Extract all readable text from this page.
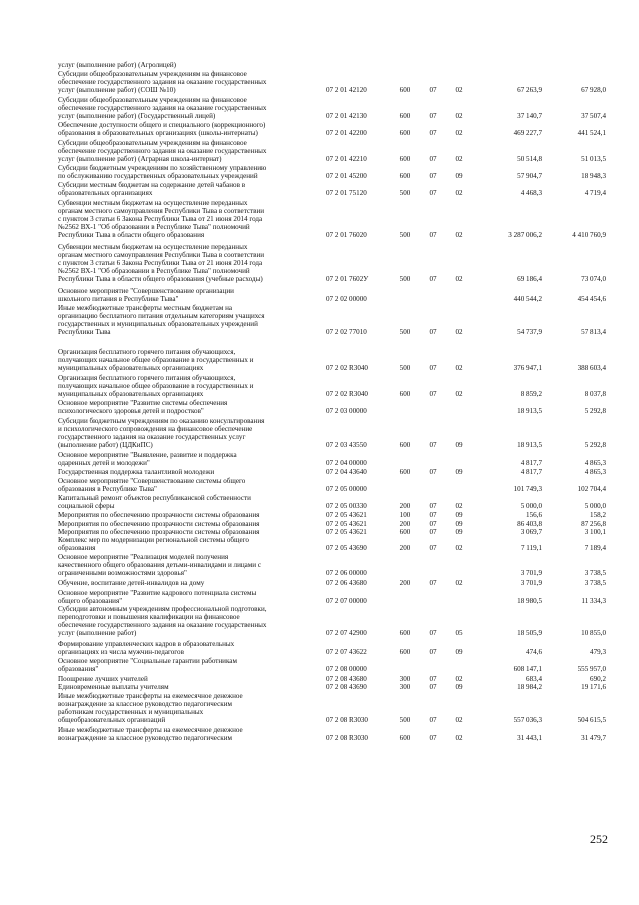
услуг (выполнение работ) (Агролицей)
Субсидии общеобразовательным учреждениям на финансовое
обеспечение государственного задания на оказание государственных
услуг (выполнение работ) (СОШ №10)	07 2 01 42120	600	07	02	67 263,9	67 928,0
Субсидии общеобразовательным учреждениям на финансовое
обеспечение государственного задания на оказание государственных
услуг (выполнение работ) (Государственный лицей)	07 2 01 42130	600	07	02	37 140,7	37 507,4
Обеспечение доступности общего и специального (коррекционного)
образования в образовательных организациях (школы-интернаты)	07 2 01 42200	600	07	02	469 227,7	441 524,1
Субсидии общеобразовательным учреждениям на финансовое
обеспечение государственного задания на оказание государственных
услуг (выполнение работ) (Аграрная школа-интернат)	07 2 01 42210	600	07	02	50 514,8	51 013,5
Субсидии бюджетным учреждениям по хозяйственному управлению
по обслуживанию государственных образовательных учреждений	07 2 01 45200	600	07	09	57 904,7	18 948,3
Субсидии местным бюджетам на содержание детей чабанов в
образовательных организациях	07 2 01 75120	500	07	02	4 468,3	4 719,4
Субвенции местным бюджетам на осуществление переданных
органам местного самоуправления Республики Тыва в соответствии
с пунктом 3 статьи 6 Закона Республики Тыва от 21 июня 2014 года
№2562 ВХ-1 "Об образовании в Республике Тыва" полномочий
Республики Тыва в области общего образования	07 2 01 76020	500	07	02	3 287 006,2	4 410 760,9
Субвенции местным бюджетам на осуществление переданных
органам местного самоуправления Республики Тыва в соответствии
с пунктом 3 статьи 6 Закона Республики Тыва от 21 июня 2014 года
№2562 ВХ-1 "Об образовании в Республике Тыва" полномочий
Республики Тыва в области общего образования (учебные расходы)	07 2 01 7602У	500	07	02	69 186,4	73 074,0
Основное мероприятие "Совершенствование организации
школьного питания в Республике Тыва"	07 2 02 00000	440 544,2	454 454,6
Иные межбюджетные трансферты местным бюджетам на
организацию бесплатного питания отдельным категориям учащихся
государственных и муниципальных образовательных учреждений
Республики Тыва	07 2 02 77010	500	07	02	54 737,9	57 813,4
Организация бесплатного горячего питания обучающихся,
получающих начальное общее образование в государственных и
муниципальных образовательных организациях	07 2 02 R3040	500	07	02	376 947,1	388 603,4
Организация бесплатного горячего питания обучающихся,
получающих начальное общее образование в государственных и
муниципальных образовательных организациях	07 2 02 R3040	600	07	02	8 859,2	8 037,8
Основное мероприятие "Развитие системы обеспечения
психологического здоровья детей и подростков"	07 2 03 00000	18 913,5	5 292,8
Субсидии бюджетным учреждениям по оказанию консультирования
и психологического сопровождения на финансовое обеспечение
государственного задания на оказание государственных услуг
(выполнение работ) (ЦДКиПС)	07 2 03 43550	600	07	09	18 913,5	5 292,8
Основное мероприятие "Выявление, развитие и поддержка
одаренных детей и молодежи"	07 2 04 00000	4 817,7	4 865,3
Государственная поддержка талантливой молодежи	07 2 04 43640	600	07	09	4 817,7	4 865,3
Основное мероприятие "Совершенствование системы общего
образования в Республике Тыва"	07 2 05 00000	101 749,3	102 704,4
Капитальный ремонт объектов республиканской собственности
социальной сферы	07 2 05 00330	200	07	02	5 000,0	5 000,0
Мероприятия по обеспечению прозрачности системы образования	07 2 05 43621	100	07	09	156,6	158,2
Мероприятия по обеспечению прозрачности системы образования	07 2 05 43621	200	07	09	86 403,8	87 256,8
Мероприятия по обеспечению прозрачности системы образования	07 2 05 43621	600	07	09	3 069,7	3 100,1
Комплекс мер по модернизации региональной системы общего
образования	07 2 05 43690	200	07	02	7 119,1	7 189,4
Основное мероприятие "Реализация моделей получения
качественного общего образования детьми-инвалидами и лицами с
ограниченными возможностями здоровья"	07 2 06 00000	3 701,9	3 738,5
Обучение, воспитание детей-инвалидов на дому	07 2 06 43680	200	07	02	3 701,9	3 738,5
Основное мероприятие "Развитие кадрового потенциала системы
общего образования"	07 2 07 00000	18 980,5	11 334,3
Субсидии автономным учреждениям профессиональной подготовки,
переподготовки и повышения квалификации на финансовое
обеспечение государственного задания на оказание государственных
услуг (выполнение работ)	07 2 07 42900	600	07	05	18 505,9	10 855,0
Формирование управленческих кадров в образовательных
организациях из числа мужчин-педагогов	07 2 07 43622	600	07	09	474,6	479,3
Основное мероприятие "Социальные гарантии работникам
образования"	07 2 08 00000	608 147,1	555 957,0
Поощрение лучших учителей	07 2 08 43680	300	07	02	683,4	690,2
Единовременные выплаты учителям	07 2 08 43690	300	07	09	18 984,2	19 171,6
Иные межбюджетные трансферты на ежемесячное денежное
вознаграждение за классное руководство педагогическим
работникам государственных и муниципальных
общеобразовательных организаций	07 2 08 R3030	500	07	02	557 036,3	504 615,5
Иные межбюджетные трансферты на ежемесячное денежное
вознаграждение за классное руководство педагогическим	07 2 08 R3030	600	07	02	31 443,1	31 479,7
252
